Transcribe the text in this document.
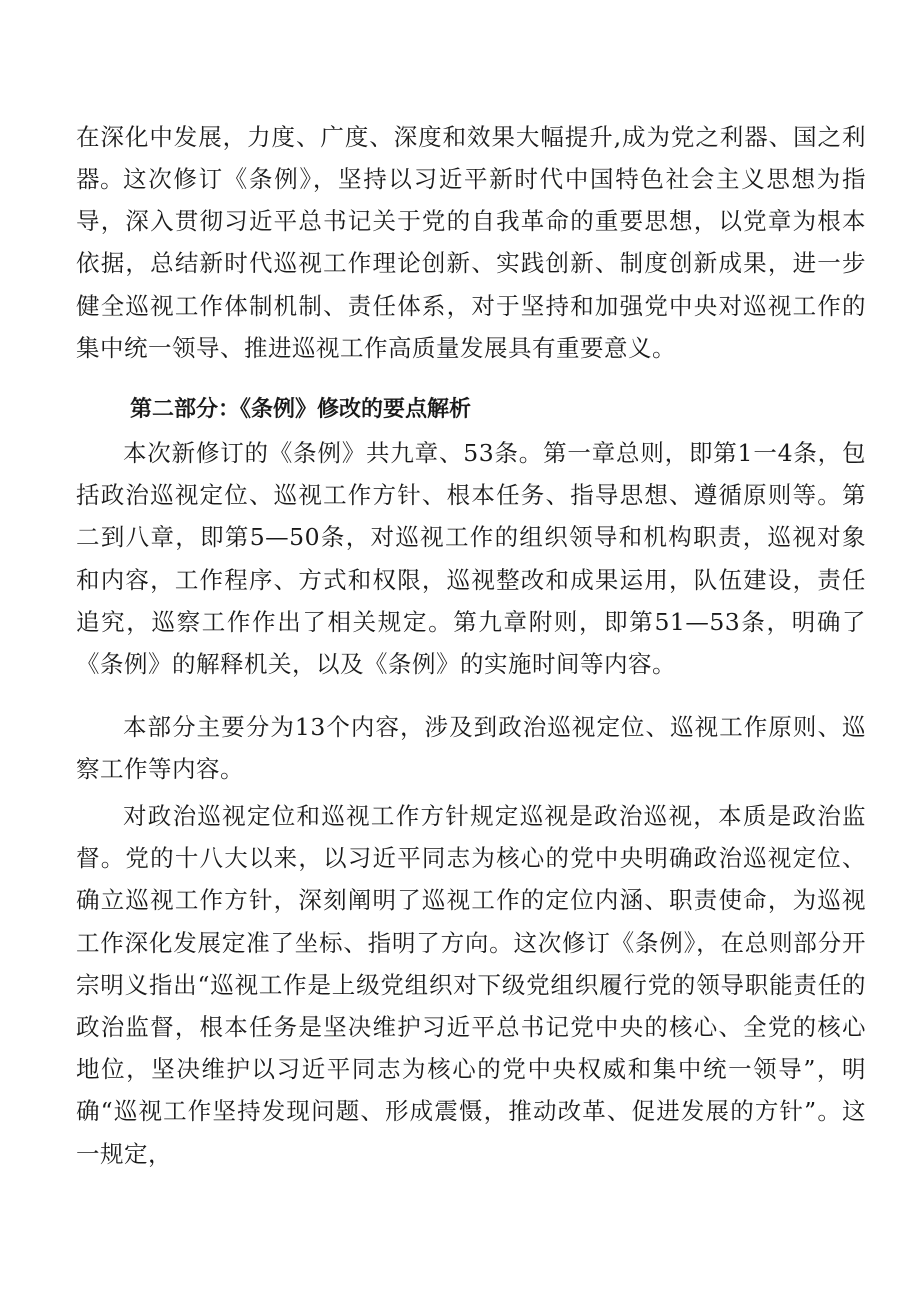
在深化中发展，力度、广度、深度和效果大幅提升,成为党之利器、国之利器。 这次修订《条例》，坚持以习近平新时代中国特色社会主义思想为指导，深入贯彻习近平总书记关于党的自我革命的重要思想，以党章为根本依据，总结新时代巡视工作理论创新、实践创新、制度创新成果，进一步健全巡视工作体制机制、责任体系，对于坚持和加强党中央对巡视工作的集中统一领导、推进巡视工作高质量发展具有重要意义。

第二部分：《条例》修改的要点解析

本次新修订的《条例》共九章、53条。第一章总则，即第1一4条，包括政治巡视定位、巡视工作方针、根本任务、指导思想、遵循原则等。第二到八章，即第5—50条，对巡视工作的组织领导和机构职责，巡视对象和内容，工作程序、方式和权限，巡视整改和成果运用，队伍建设，责任追究，巡察工作作出了相关规定。第九章附则，即第51—53条，明确了《条例》的解释机关，以及《条例》的实施时间等内容。

本部分主要分为13个内容，涉及到政治巡视定位、巡视工作原则、巡察工作等内容。

对政治巡视定位和巡视工作方针规定巡视是政治巡视，本质是政治监督。党的十八大以来，以习近平同志为核心的党中央明确政治巡视定位、确立巡视工作方针，深刻阐明了巡视工作的定位内涵、职责使命，为巡视工作深化发展定准了坐标、指明了方向。这次修订《条例》，在总则部分开宗明义指出“巡视工作是上级党组织对下级党组织履行党的领导职能责任的政治监督，根本任务是坚决维护习近平总书记党中央的核心、全党的核心地位，坚决维护以习近平同志为核心的党中央权威和集中统一领导”，明确“巡视工作坚持发现问题、形成震慑，推动改革、促进发展的方针”。这一规定，
